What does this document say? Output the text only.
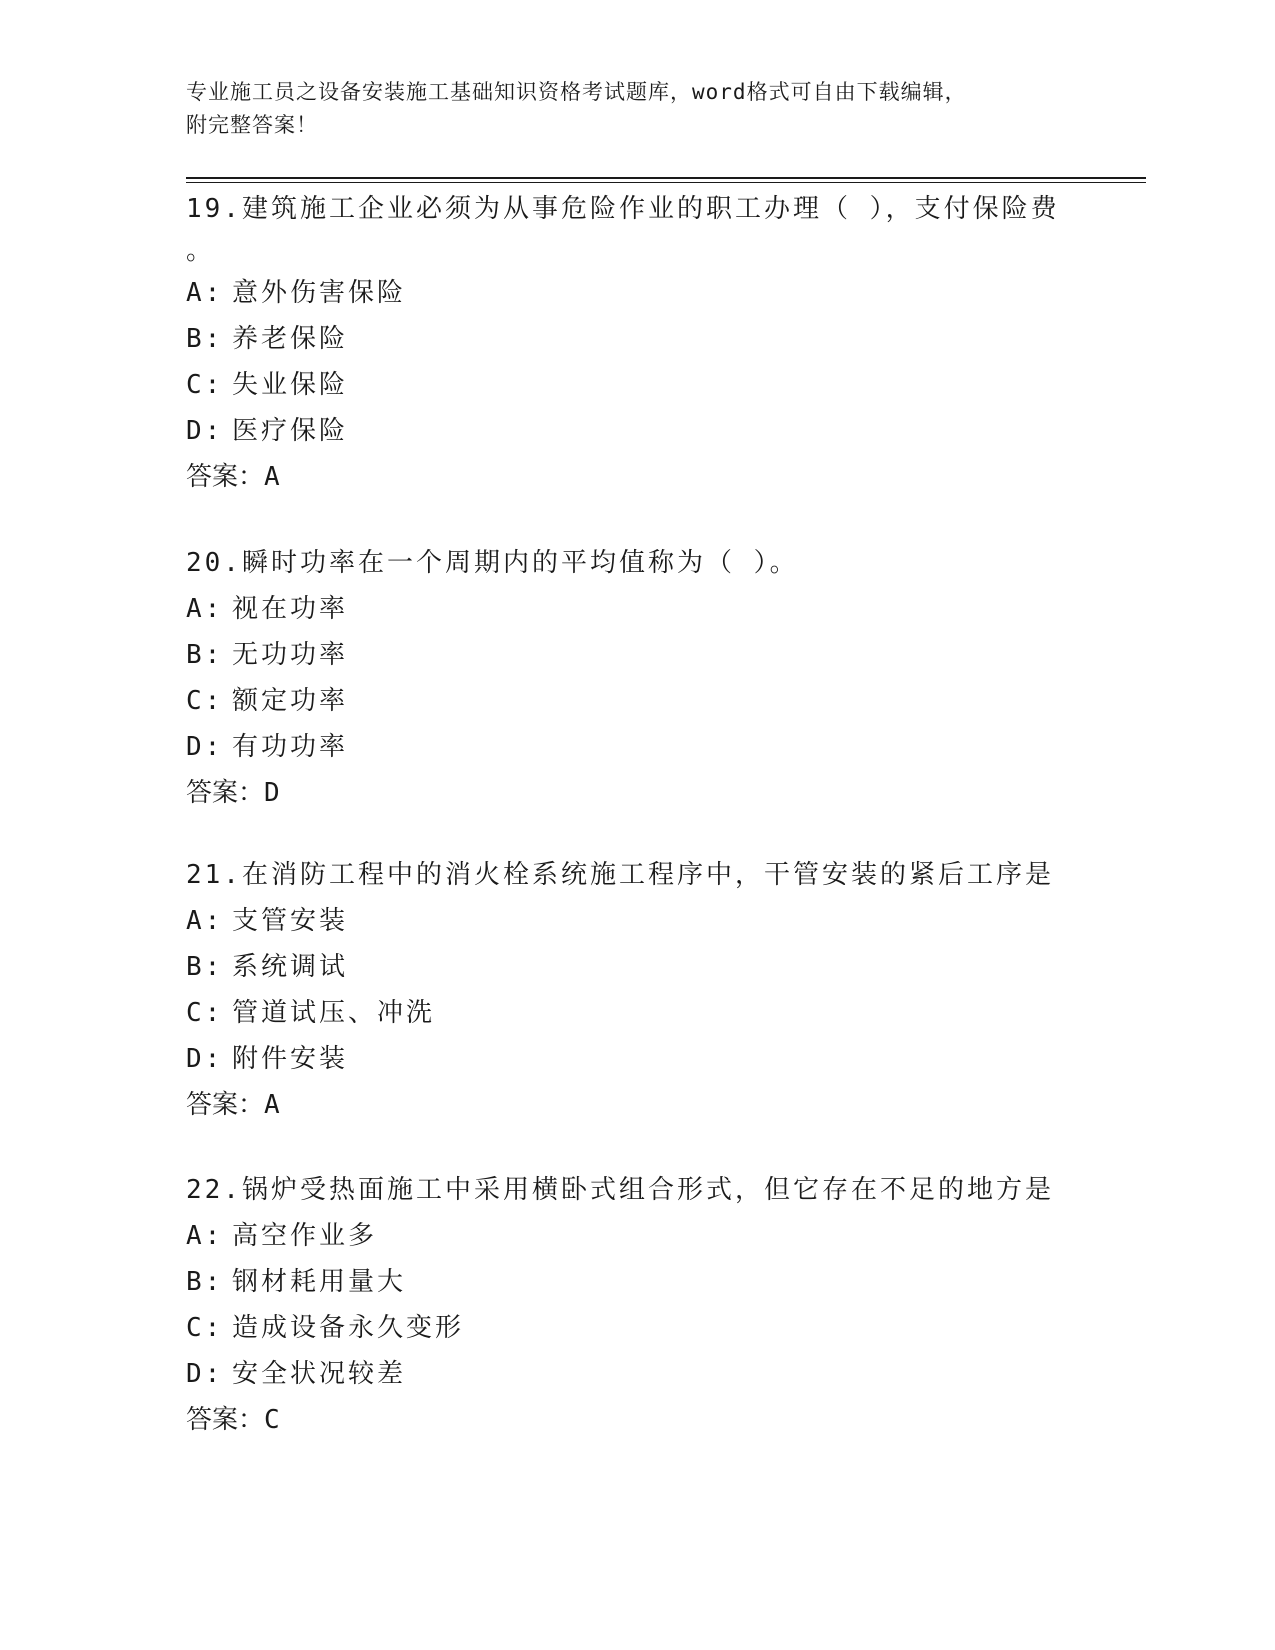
专业施工员之设备安装施工基础知识资格考试题库，word格式可自由下载编辑，
附完整答案！

19.建筑施工企业必须为从事危险作业的职工办理（ ），支付保险费

。

A: 意外伤害保险

B: 养老保险

C: 失业保险

D: 医疗保险

答案：A

20.瞬时功率在一个周期内的平均值称为（ ）。

A: 视在功率

B: 无功功率

C: 额定功率

D: 有功功率

答案：D

21.在消防工程中的消火栓系统施工程序中，干管安装的紧后工序是

A: 支管安装

B: 系统调试

C: 管道试压、冲洗

D: 附件安装

答案：A

22.锅炉受热面施工中采用横卧式组合形式，但它存在不足的地方是

A: 高空作业多

B: 钢材耗用量大

C: 造成设备永久变形

D: 安全状况较差

答案：C
